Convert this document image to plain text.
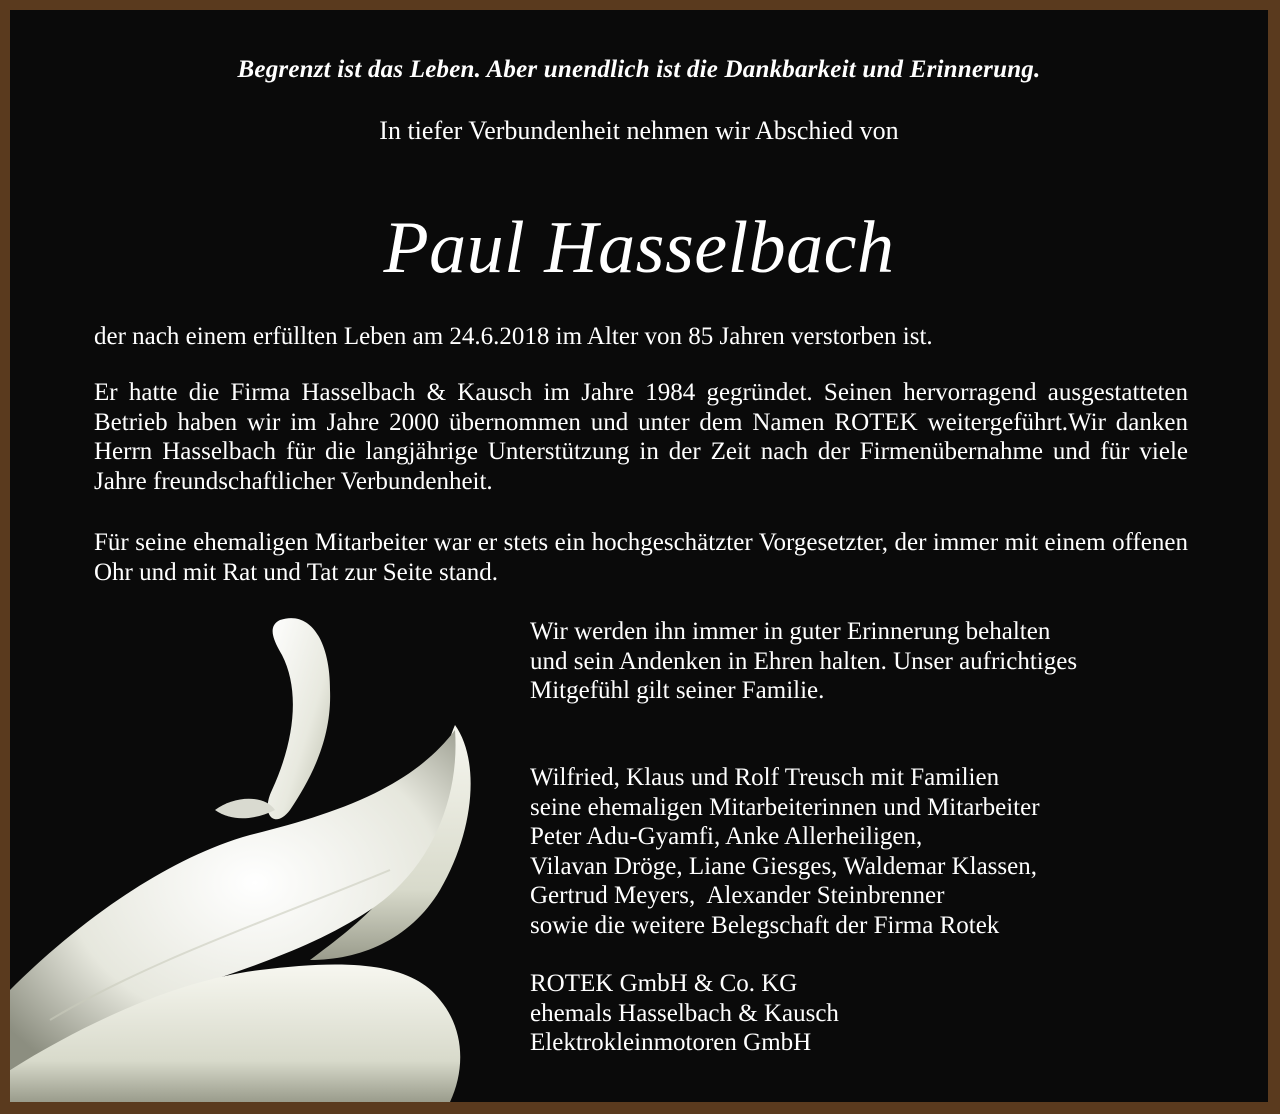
Begrenzt ist das Leben. Aber unendlich ist die Dankbarkeit und Erinnerung.
In tiefer Verbundenheit nehmen wir Abschied von
Paul Hasselbach
der nach einem erfüllten Leben am 24.6.2018 im Alter von 85 Jahren verstorben ist.
Er hatte die Firma Hasselbach & Kausch im Jahre 1984 gegründet. Seinen hervorragend ausgestatteten Betrieb haben wir im Jahre 2000 übernommen und unter dem Namen ROTEK weitergeführt.Wir danken Herrn Hasselbach für die langjährige Unterstützung in der Zeit nach der Firmenübernahme und für viele Jahre freundschaftlicher Verbundenheit.
Für seine ehemaligen Mitarbeiter war er stets ein hochgeschätzter Vorgesetzter, der immer mit einem offenen Ohr und mit Rat und Tat zur Seite stand.
Wir werden ihn immer in guter Erinnerung behalten
und sein Andenken in Ehren halten. Unser aufrichtiges
Mitgefühl gilt seiner Familie.
Wilfried, Klaus und Rolf Treusch mit Familien
seine ehemaligen Mitarbeiterinnen und Mitarbeiter
Peter Adu-Gyamfi, Anke Allerheiligen,
Vilavan Dröge, Liane Giesges, Waldemar Klassen,
Gertrud Meyers,  Alexander Steinbrenner
sowie die weitere Belegschaft der Firma Rotek
ROTEK GmbH & Co. KG
ehemals Hasselbach & Kausch
Elektrokleinmotoren GmbH
